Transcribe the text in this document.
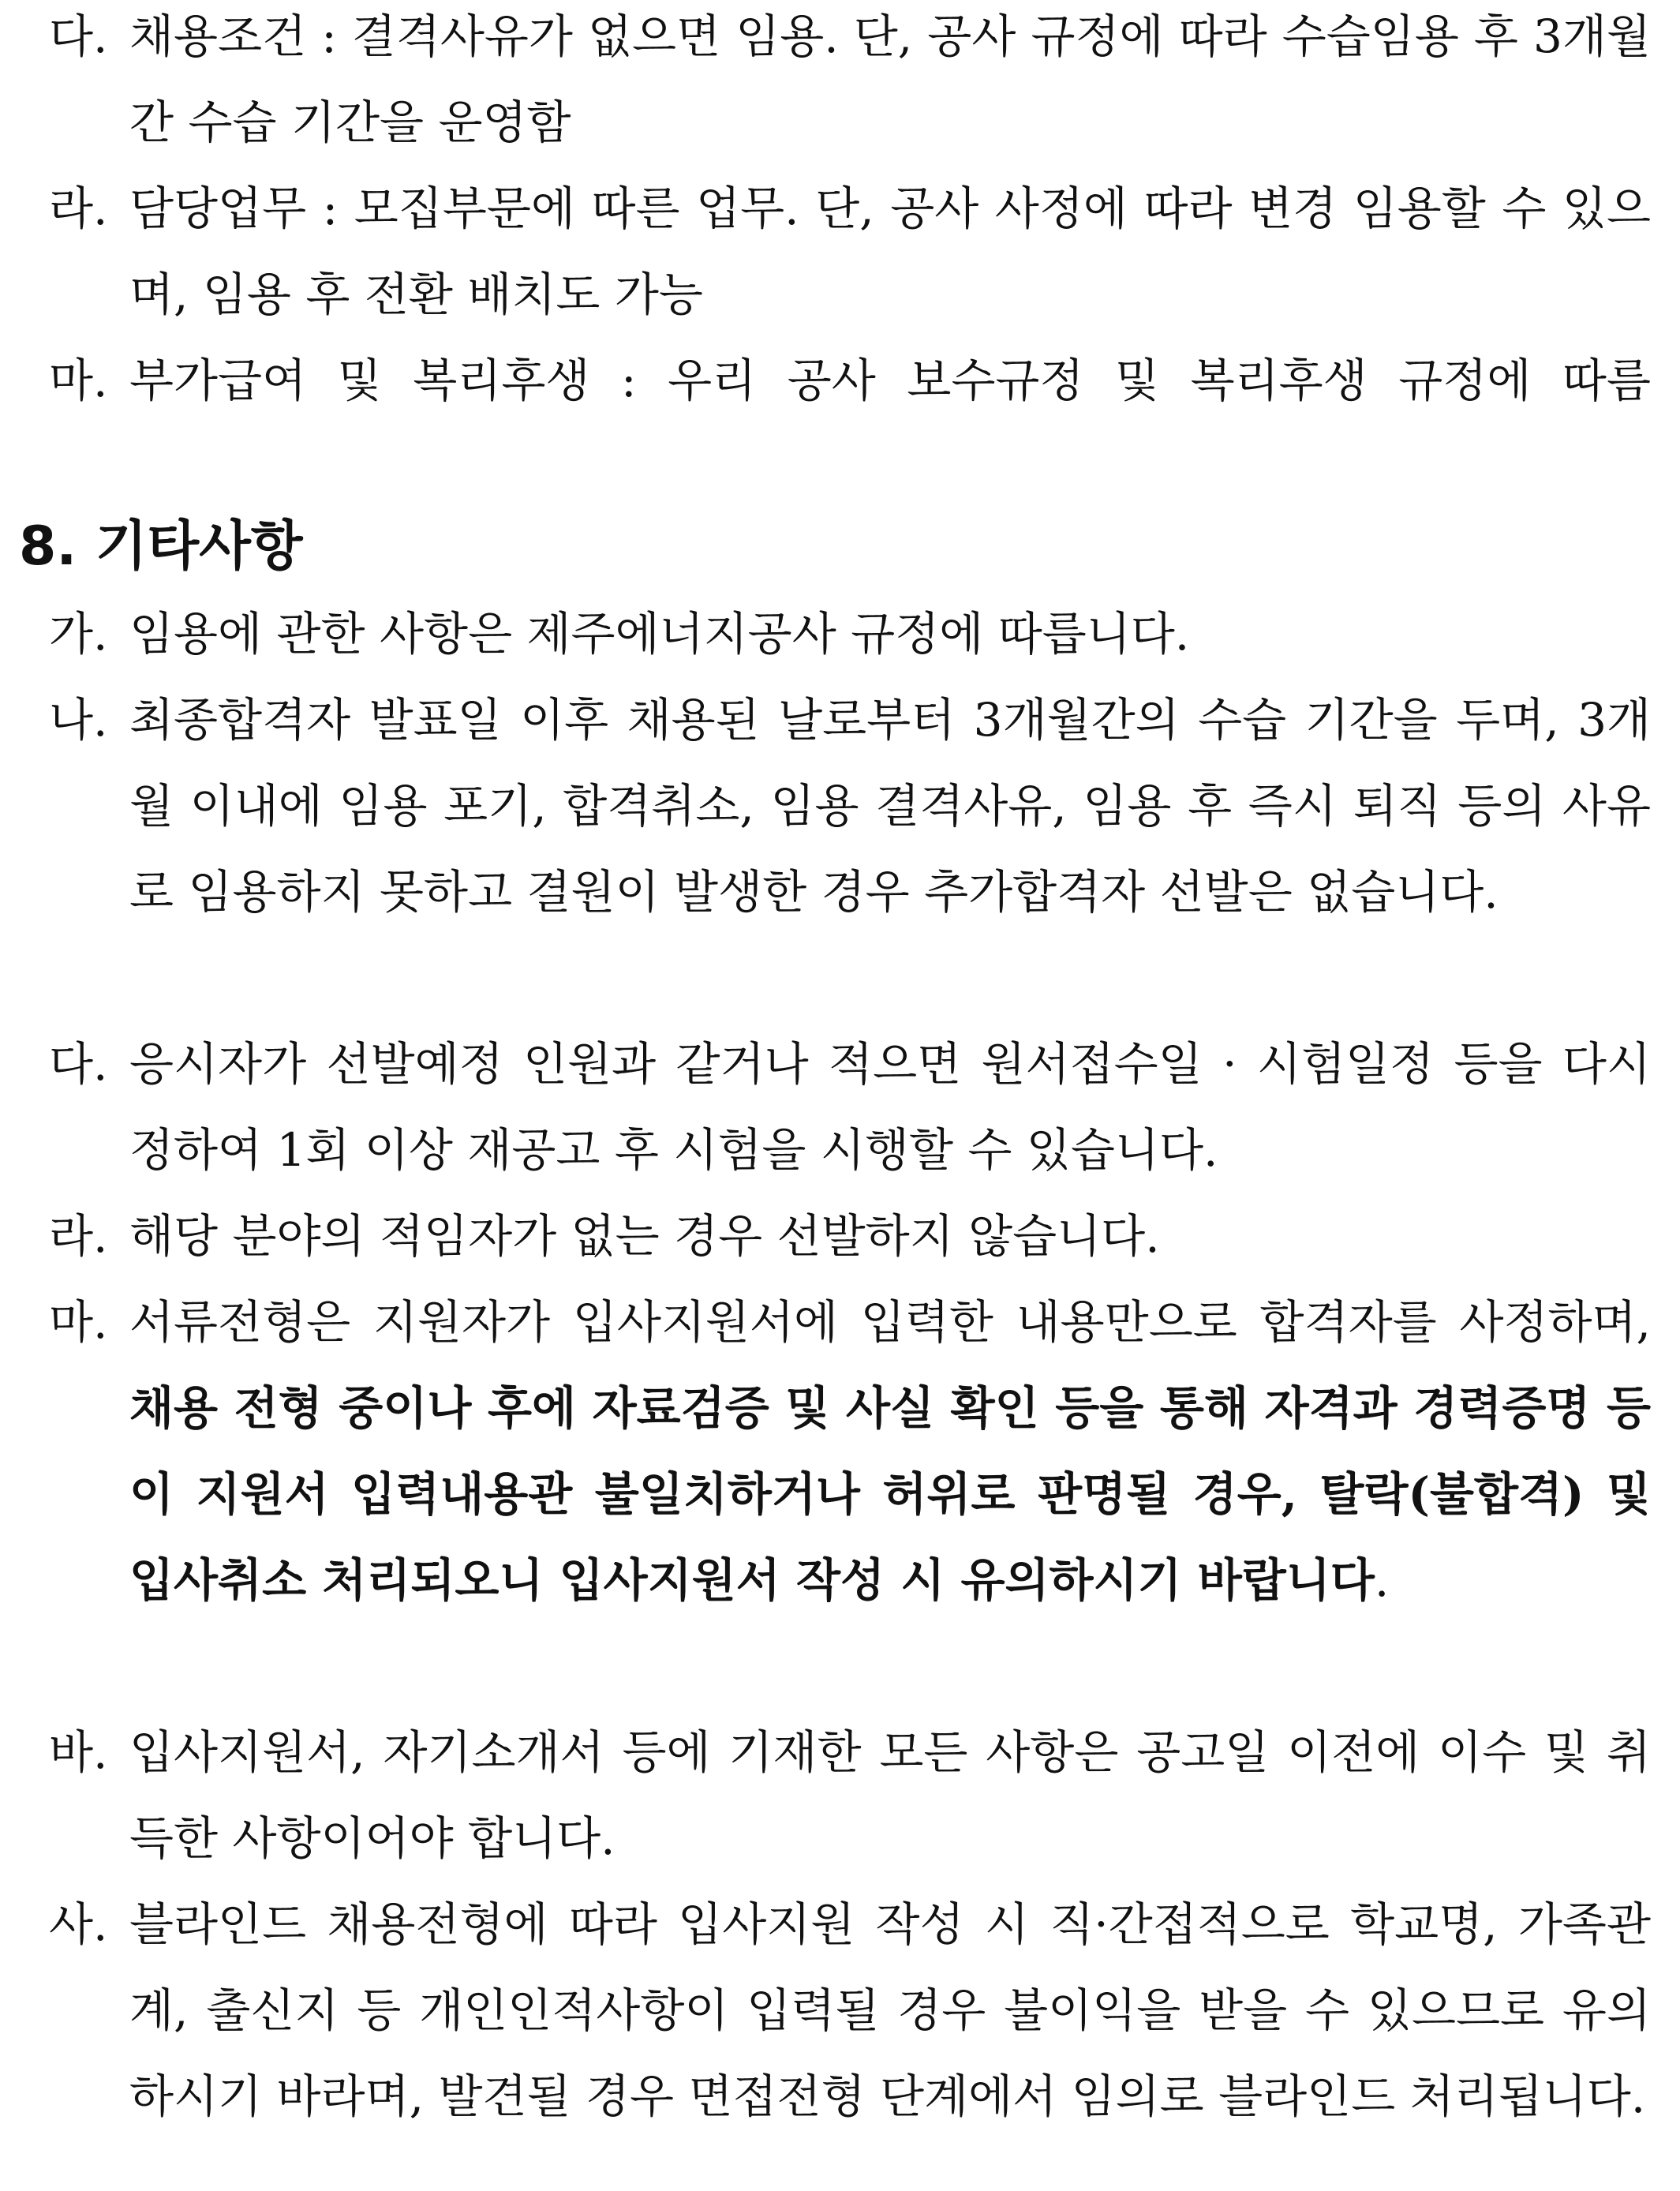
다. 채용조건 : 결격사유가 없으면 임용. 단, 공사 규정에 따라 수습임용 후 3개월간 수습 기간을 운영함
라. 담당업무 : 모집부문에 따른 업무. 단, 공사 사정에 따라 변경 임용할 수 있으며, 임용 후 전환 배치도 가능
마. 부가급여 및 복리후생 : 우리 공사 보수규정 및 복리후생 규정에 따름
8. 기타사항
가. 임용에 관한 사항은 제주에너지공사 규정에 따릅니다.
나. 최종합격자 발표일 이후 채용된 날로부터 3개월간의 수습 기간을 두며, 3개월 이내에 임용 포기, 합격취소, 임용 결격사유, 임용 후 즉시 퇴직 등의 사유로 임용하지 못하고 결원이 발생한 경우 추가합격자 선발은 없습니다.
다. 응시자가 선발예정 인원과 같거나 적으면 원서접수일 · 시험일정 등을 다시 정하여 1회 이상 재공고 후 시험을 시행할 수 있습니다.
라. 해당 분야의 적임자가 없는 경우 선발하지 않습니다.
마. 서류전형은 지원자가 입사지원서에 입력한 내용만으로 합격자를 사정하며, 채용 전형 중이나 후에 자료검증 및 사실 확인 등을 통해 자격과 경력증명 등이 지원서 입력내용관 불일치하거나 허위로 판명될 경우, 탈락(불합격) 및 입사취소 처리되오니 입사지원서 작성 시 유의하시기 바랍니다.
바. 입사지원서, 자기소개서 등에 기재한 모든 사항은 공고일 이전에 이수 및 취득한 사항이어야 합니다.
사. 블라인드 채용전형에 따라 입사지원 작성 시 직·간접적으로 학교명, 가족관계, 출신지 등 개인인적사항이 입력될 경우 불이익을 받을 수 있으므로 유의하시기 바라며, 발견될 경우 면접전형 단계에서 임의로 블라인드 처리됩니다.
